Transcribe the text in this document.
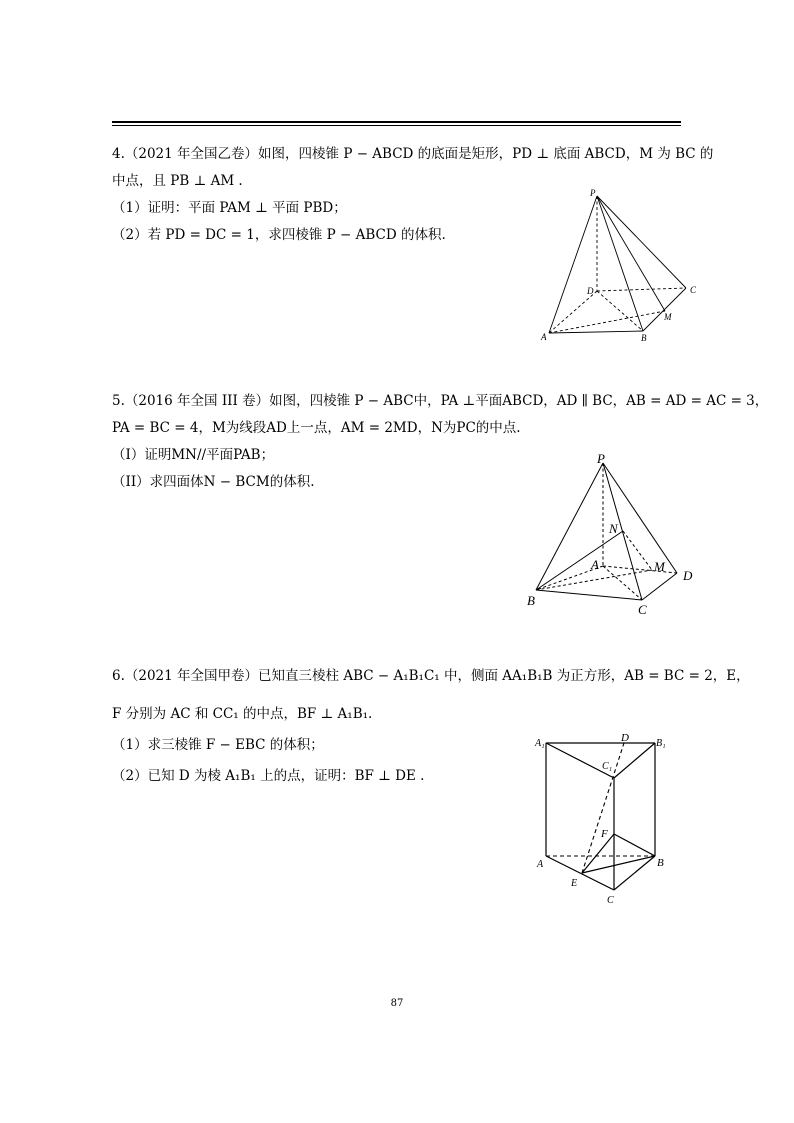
4.（2021 年全国乙卷）如图，四棱锥 P − ABCD 的底面是矩形，PD ⊥ 底面 ABCD，M 为 BC 的
中点，且 PB ⊥ AM .
（1）证明：平面 PAM ⊥ 平面 PBD；
（2）若 PD = DC = 1，求四棱锥 P − ABCD 的体积.
P
D	C
M
A	B
5.（2016 年全国 III 卷）如图，四棱锥 P − ABC中，PA ⊥平面ABCD，AD ∥ BC，AB = AD = AC = 3，
PA = BC = 4，M为线段AD上一点，AM = 2MD，N为PC的中点.
（I）证明MN//平面PAB；
（II）求四面体N − BCM的体积.
P
N
A	M
D
B
C
6.（2021 年全国甲卷）已知直三棱柱 ABC − A₁B₁C₁ 中，侧面 AA₁B₁B 为正方形，AB = BC = 2，E，
F 分别为 AC 和 CC₁ 的中点，BF ⊥ A₁B₁.
（1）求三棱锥 F − EBC 的体积；
（2）已知 D 为棱 A₁B₁ 上的点，证明：BF ⊥ DE .
A₁	D	B₁
C₁
F
A	B
E
C
87
